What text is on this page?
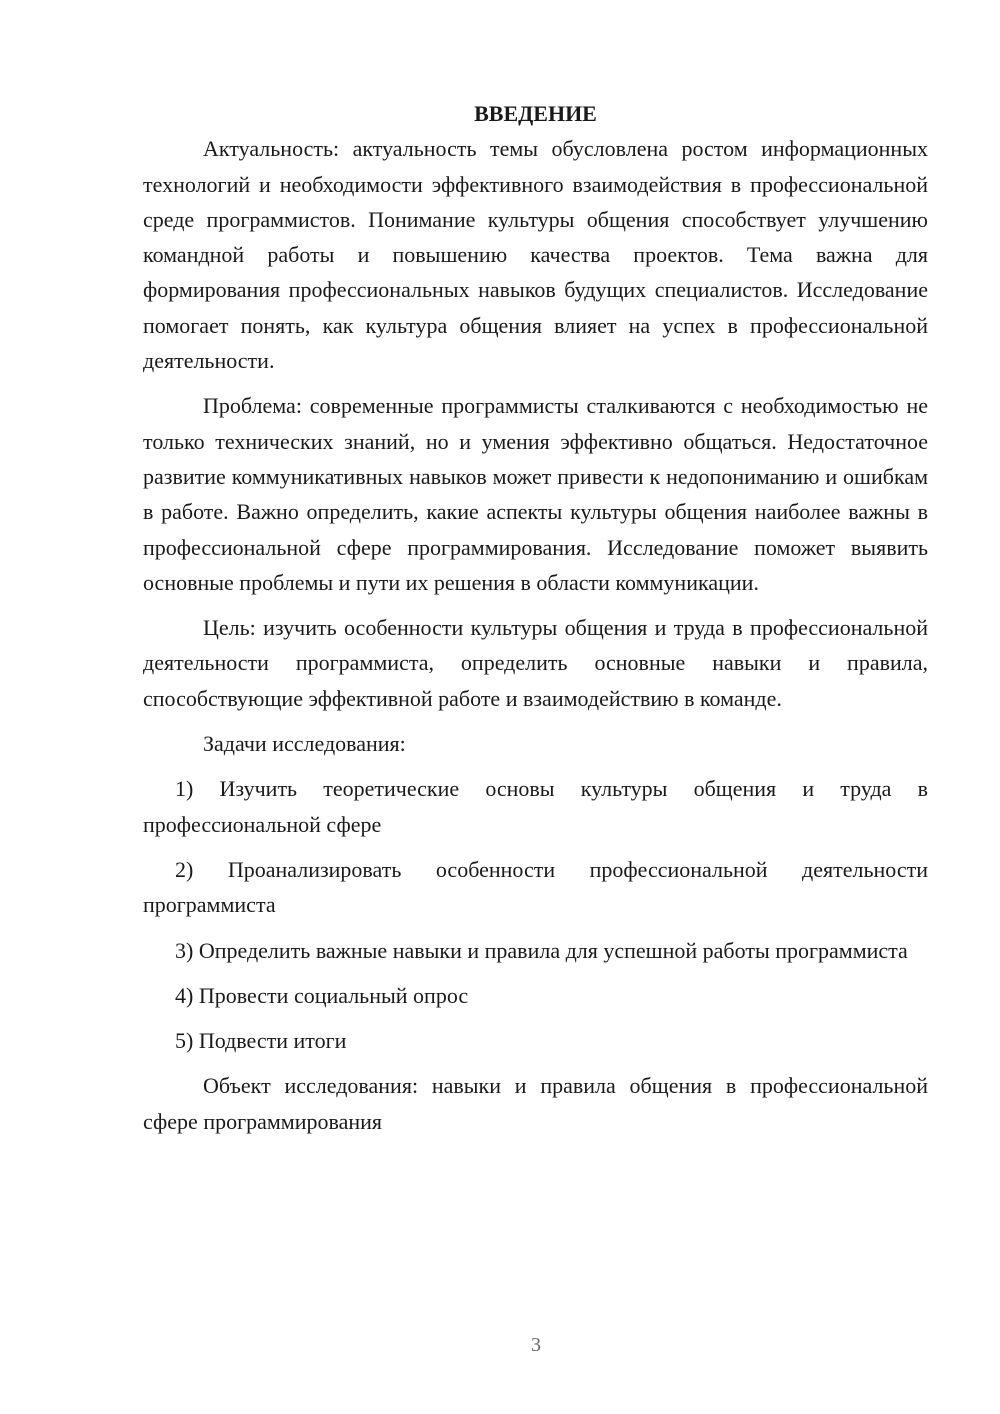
ВВЕДЕНИЕ

Актуальность: актуальность темы обусловлена ростом информационных технологий и необходимости эффективного взаимодействия в профессиональной среде программистов. Понимание культуры общения способствует улучшению командной работы и повышению качества проектов. Тема важна для формирования профессиональных навыков будущих специалистов. Исследование помогает понять, как культура общения влияет на успех в профессиональной деятельности.

Проблема: современные программисты сталкиваются с необходимостью не только технических знаний, но и умения эффективно общаться. Недостаточное развитие коммуникативных навыков может привести к недопониманию и ошибкам в работе. Важно определить, какие аспекты культуры общения наиболее важны в профессиональной сфере программирования. Исследование поможет выявить основные проблемы и пути их решения в области коммуникации.

Цель: изучить особенности культуры общения и труда в профессиональной деятельности программиста, определить основные навыки и правила, способствующие эффективной работе и взаимодействию в команде.

Задачи исследования:

1) Изучить теоретические основы культуры общения и труда в профессиональной сфере

2) Проанализировать особенности профессиональной деятельности программиста

3) Определить важные навыки и правила для успешной работы программиста

4) Провести социальный опрос

5) Подвести итоги

Объект исследования: навыки и правила общения в профессиональной сфере программирования

3
